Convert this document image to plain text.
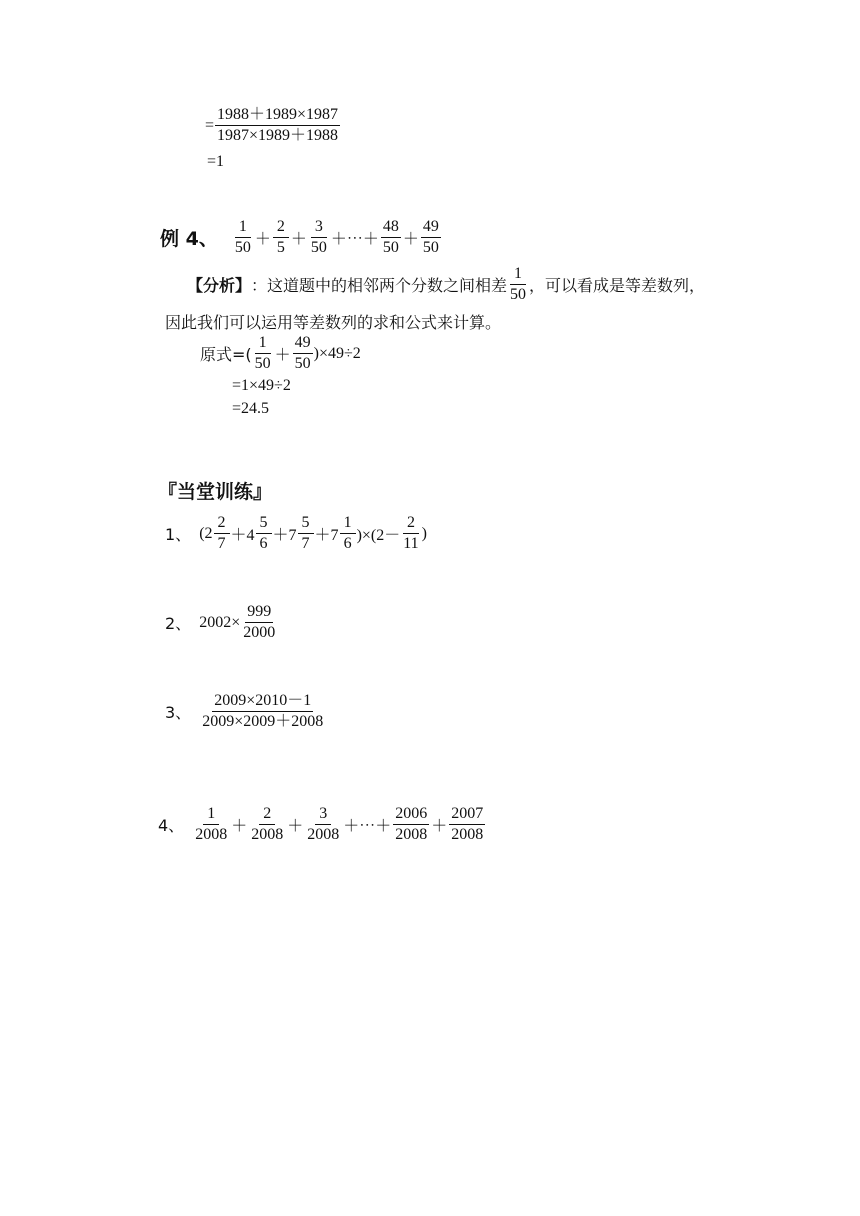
= $\frac{1988+1989\times 1987}{1987\times 1989+1988}$
=1
例 4、 $\frac{1}{50} + \frac{2}{5} + \frac{3}{50}$ ＋⋯＋ $\frac{48}{50} + \frac{49}{50}$
【分析】 ：这道题中的相邻两个分数之间相差 $\frac{1}{50}$ ，可以看成是等差数列，
因此我们可以运用等差数列的求和公式来计算。
原式=( $\frac{1}{50} + \frac{49}{50} )\times 49\div 2$
=1×49÷2
=24.5
『当堂训练』
1、 $(2 \frac{2}{7} +4 \frac{5}{6} +7 \frac{5}{7} +7 \frac{1}{6} )\times(2- \frac{2}{11}$ )
2、 $2002\times \frac{999}{2000}$
3、 $\frac{2009\times 2010-1}{2009\times 2009+2008}$
4、 $\frac{1}{2008} + \frac{2}{2008} + \frac{3}{2008}$ ＋⋯＋ $\frac{2006}{2008} + \frac{2007}{2008}$
